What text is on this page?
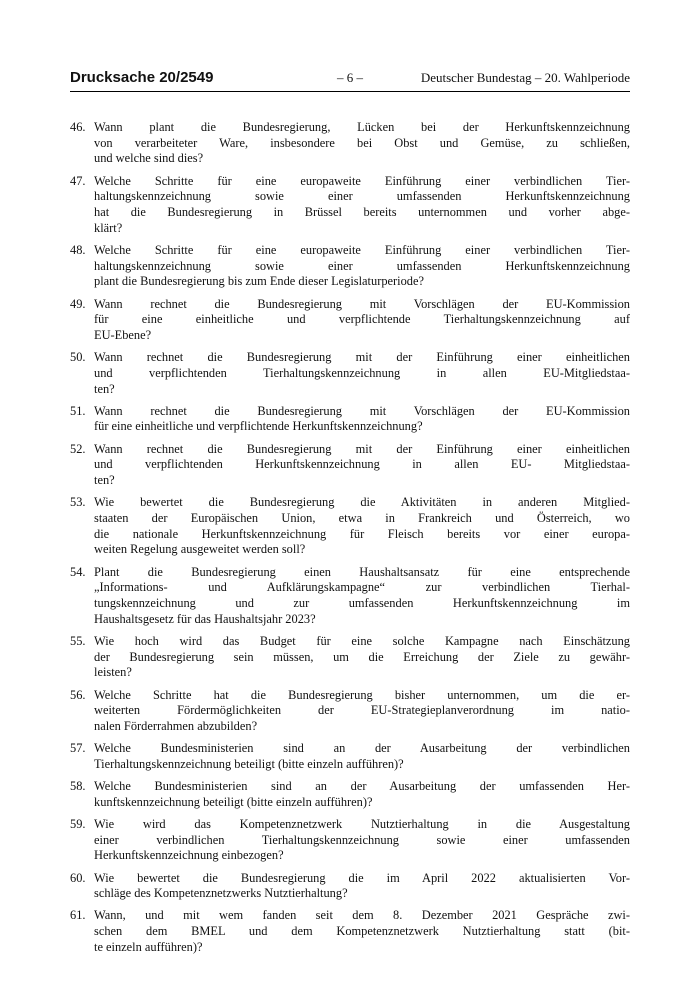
Drucksache 20/2549	– 6 –	Deutscher Bundestag – 20. Wahlperiode
46. Wann plant die Bundesregierung, Lücken bei der Herkunftskennzeichnung
von verarbeiteter Ware, insbesondere bei Obst und Gemüse, zu schließen,
und welche sind dies?
47. Welche Schritte für eine europaweite Einführung einer verbindlichen Tier-
haltungskennzeichnung sowie einer umfassenden Herkunftskennzeichnung
hat die Bundesregierung in Brüssel bereits unternommen und vorher abge-
klärt?
48. Welche Schritte für eine europaweite Einführung einer verbindlichen Tier-
haltungskennzeichnung sowie einer umfassenden Herkunftskennzeichnung
plant die Bundesregierung bis zum Ende dieser Legislaturperiode?
49. Wann rechnet die Bundesregierung mit Vorschlägen der EU-Kommission
für eine einheitliche und verpflichtende Tierhaltungskennzeichnung auf
EU-Ebene?
50. Wann rechnet die Bundesregierung mit der Einführung einer einheitlichen
und verpflichtenden Tierhaltungskennzeichnung in allen EU-Mitgliedstaa-
ten?
51. Wann rechnet die Bundesregierung mit Vorschlägen der EU-Kommission
für eine einheitliche und verpflichtende Herkunftskennzeichnung?
52. Wann rechnet die Bundesregierung mit der Einführung einer einheitlichen
und verpflichtenden Herkunftskennzeichnung in allen EU- Mitgliedstaa-
ten?
53. Wie bewertet die Bundesregierung die Aktivitäten in anderen Mitglied-
staaten der Europäischen Union, etwa in Frankreich und Österreich, wo
die nationale Herkunftskennzeichnung für Fleisch bereits vor einer europa-
weiten Regelung ausgeweitet werden soll?
54. Plant die Bundesregierung einen Haushaltsansatz für eine entsprechende
„Informations- und Aufklärungskampagne“ zur verbindlichen Tierhal-
tungskennzeichnung und zur umfassenden Herkunftskennzeichnung im
Haushaltsgesetz für das Haushaltsjahr 2023?
55. Wie hoch wird das Budget für eine solche Kampagne nach Einschätzung
der Bundesregierung sein müssen, um die Erreichung der Ziele zu gewähr-
leisten?
56. Welche Schritte hat die Bundesregierung bisher unternommen, um die er-
weiterten Fördermöglichkeiten der EU-Strategieplanverordnung im natio-
nalen Förderrahmen abzubilden?
57. Welche Bundesministerien sind an der Ausarbeitung der verbindlichen
Tierhaltungskennzeichnung beteiligt (bitte einzeln aufführen)?
58. Welche Bundesministerien sind an der Ausarbeitung der umfassenden Her-
kunftskennzeichnung beteiligt (bitte einzeln aufführen)?
59. Wie wird das Kompetenznetzwerk Nutztierhaltung in die Ausgestaltung
einer verbindlichen Tierhaltungskennzeichnung sowie einer umfassenden
Herkunftskennzeichnung einbezogen?
60. Wie bewertet die Bundesregierung die im April 2022 aktualisierten Vor-
schläge des Kompetenznetzwerks Nutztierhaltung?
61. Wann, und mit wem fanden seit dem 8. Dezember 2021 Gespräche zwi-
schen dem BMEL und dem Kompetenznetzwerk Nutztierhaltung statt (bit-
te einzeln aufführen)?
